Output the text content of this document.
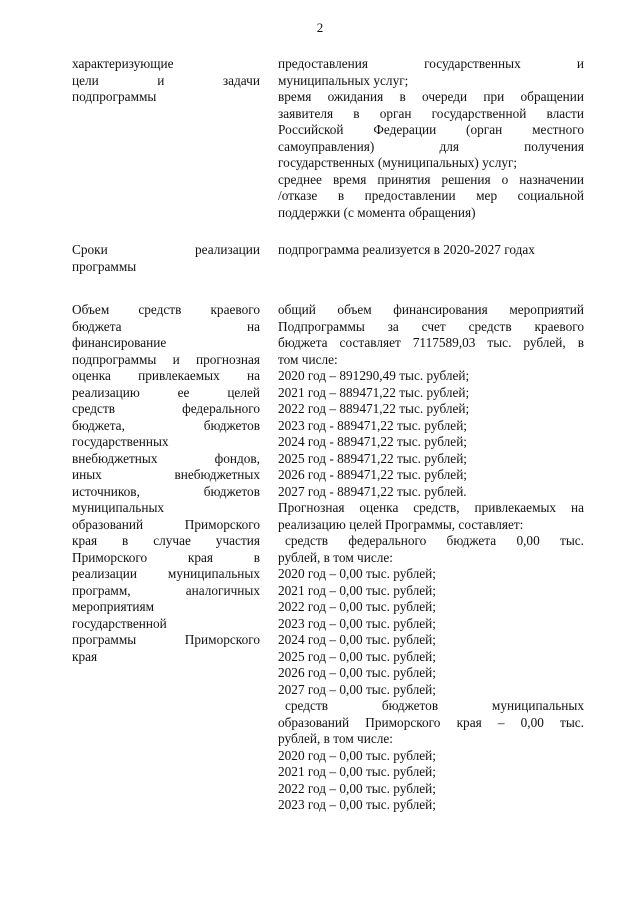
2
характеризующие
цели и задачи
подпрограммы
предоставления государственных и
муниципальных услуг;
время ожидания в очереди при обращении
заявителя в орган государственной власти
Российской Федерации (орган местного
самоуправления) для получения
государственных (муниципальных) услуг;
среднее время принятия решения о назначении
/отказе в предоставлении мер социальной
поддержки (с момента обращения)
Сроки реализации
программы
подпрограмма реализуется в 2020-2027 годах
Объем средств краевого
бюджета на
финансирование
подпрограммы и прогнозная
оценка привлекаемых на
реализацию ее целей
средств федерального
бюджета, бюджетов
государственных
внебюджетных фондов,
иных внебюджетных
источников, бюджетов
муниципальных
образований Приморского
края в случае участия
Приморского края в
реализации муниципальных
программ, аналогичных
мероприятиям
государственной
программы Приморского
края
общий объем финансирования мероприятий
Подпрограммы за счет средств краевого
бюджета составляет 7117589,03 тыс. рублей, в
том числе:
2020 год – 891290,49 тыс. рублей;
2021 год – 889471,22 тыс. рублей;
2022 год – 889471,22 тыс. рублей;
2023 год - 889471,22 тыс. рублей;
2024 год - 889471,22 тыс. рублей;
2025 год - 889471,22 тыс. рублей;
2026 год - 889471,22 тыс. рублей;
2027 год - 889471,22 тыс. рублей.
Прогнозная оценка средств, привлекаемых на
реализацию целей Программы, составляет:
средств федерального бюджета 0,00 тыс.
рублей, в том числе:
2020 год – 0,00 тыс. рублей;
2021 год – 0,00 тыс. рублей;
2022 год – 0,00 тыс. рублей;
2023 год – 0,00 тыс. рублей;
2024 год – 0,00 тыс. рублей;
2025 год – 0,00 тыс. рублей;
2026 год – 0,00 тыс. рублей;
2027 год – 0,00 тыс. рублей;
средств бюджетов муниципальных
образований Приморского края – 0,00 тыс.
рублей, в том числе:
2020 год – 0,00 тыс. рублей;
2021 год – 0,00 тыс. рублей;
2022 год – 0,00 тыс. рублей;
2023 год – 0,00 тыс. рублей;
